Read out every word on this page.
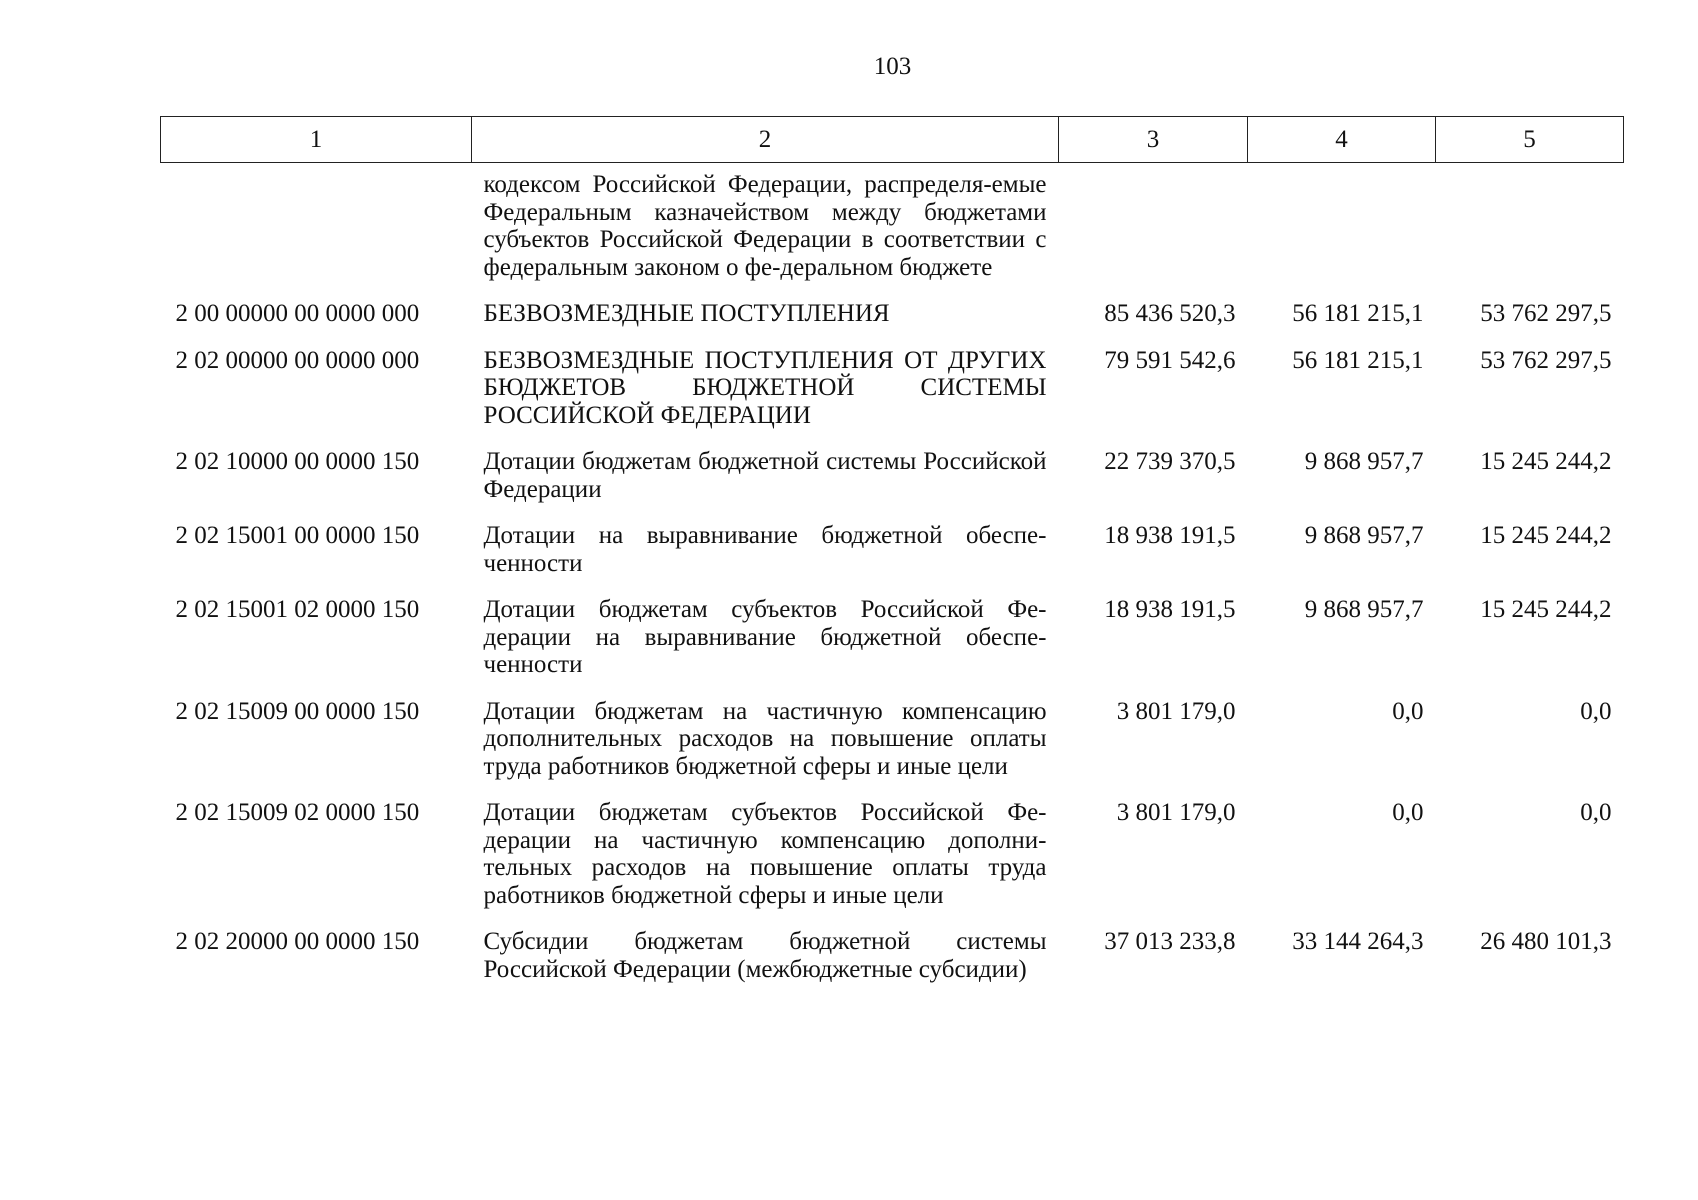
103
1	2	3	4	5
	кодексом Российской Федерации, распределя-емые Федеральным казначейством между бюджетами субъектов Российской Федерации в соответствии с федеральным законом о фе-деральном бюджете			
2 00 00000 00 0000 000	БЕЗВОЗМЕЗДНЫЕ ПОСТУПЛЕНИЯ	85 436 520,3	56 181 215,1	53 762 297,5
2 02 00000 00 0000 000	БЕЗВОЗМЕЗДНЫЕ ПОСТУПЛЕНИЯ ОТ ДРУГИХ БЮДЖЕТОВ БЮДЖЕТНОЙ СИСТЕМЫ РОССИЙСКОЙ ФЕДЕРАЦИИ	79 591 542,6	56 181 215,1	53 762 297,5
2 02 10000 00 0000 150	Дотации бюджетам бюджетной системы Российской Федерации	22 739 370,5	9 868 957,7	15 245 244,2
2 02 15001 00 0000 150	Дотации на выравнивание бюджетной обеспеченности	18 938 191,5	9 868 957,7	15 245 244,2
2 02 15001 02 0000 150	Дотации бюджетам субъектов Российской Федерации на выравнивание бюджетной обеспеченности	18 938 191,5	9 868 957,7	15 245 244,2
2 02 15009 00 0000 150	Дотации бюджетам на частичную компенсацию дополнительных расходов на повышение оплаты труда работников бюджетной сферы и иные цели	3 801 179,0	0,0	0,0
2 02 15009 02 0000 150	Дотации бюджетам субъектов Российской Федерации на частичную компенсацию дополнительных расходов на повышение оплаты труда работников бюджетной сферы и иные цели	3 801 179,0	0,0	0,0
2 02 20000 00 0000 150	Субсидии бюджетам бюджетной системы Российской Федерации (межбюджетные субсидии)	37 013 233,8	33 144 264,3	26 480 101,3
